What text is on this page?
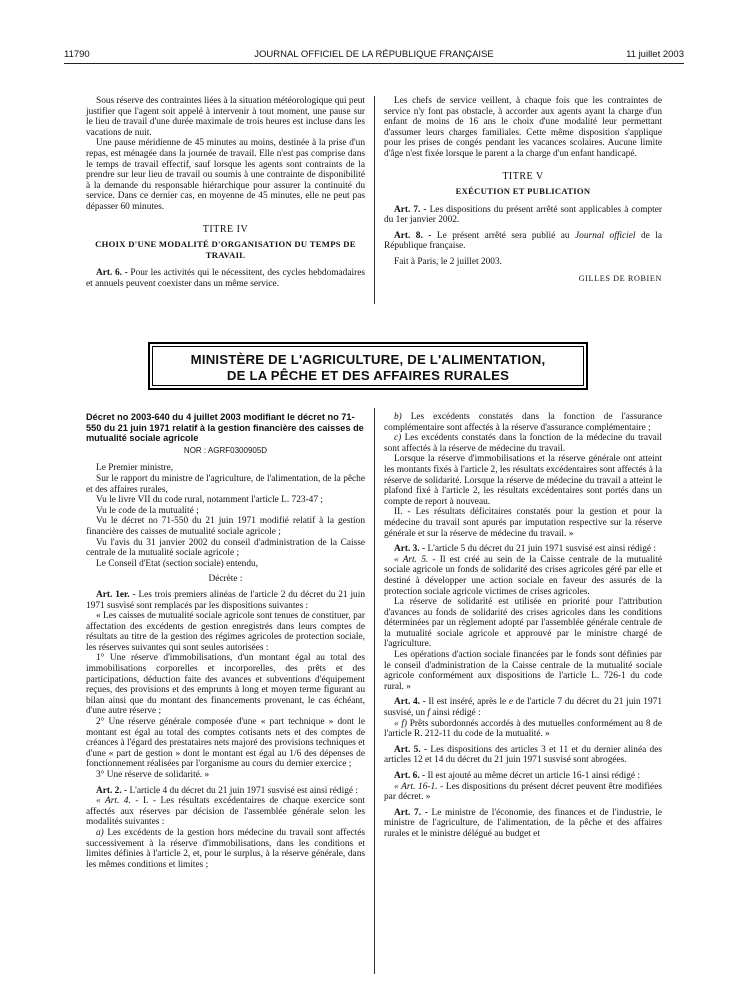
11790	JOURNAL OFFICIEL DE LA RÉPUBLIQUE FRANÇAISE	11 juillet 2003

Sous réserve des contraintes liées à la situation météorologique qui peut justifier que l'agent soit appelé à intervenir à tout moment, une pause sur le lieu de travail d'une durée maximale de trois heures est incluse dans les vacations de nuit.

Une pause méridienne de 45 minutes au moins, destinée à la prise d'un repas, est ménagée dans la journée de travail. Elle n'est pas comprise dans le temps de travail effectif, sauf lorsque les agents sont contraints de la prendre sur leur lieu de travail ou soumis à une contrainte de disponibilité à la demande du responsable hiérarchique pour assurer la continuité du service. Dans ce dernier cas, en moyenne de 45 minutes, elle ne peut pas dépasser 60 minutes.

TITRE IV

CHOIX D'UNE MODALITÉ D'ORGANISATION DU TEMPS DE TRAVAIL

Art. 6. - Pour les activités qui le nécessitent, des cycles hebdomadaires et annuels peuvent coexister dans un même service.

Les chefs de service veillent, à chaque fois que les contraintes de service n'y font pas obstacle, à accorder aux agents ayant la charge d'un enfant de moins de 16 ans le choix d'une modalité leur permettant d'assumer leurs charges familiales. Cette même disposition s'applique pour les prises de congés pendant les vacances scolaires. Aucune limite d'âge n'est fixée lorsque le parent a la charge d'un enfant handicapé.

TITRE V

EXÉCUTION ET PUBLICATION

Art. 7. - Les dispositions du présent arrêté sont applicables à compter du 1er janvier 2002.

Art. 8. - Le présent arrêté sera publié au Journal officiel de la République française.

Fait à Paris, le 2 juillet 2003.

GILLES DE ROBIEN

MINISTÈRE DE L'AGRICULTURE, DE L'ALIMENTATION,
DE LA PÊCHE ET DES AFFAIRES RURALES

Décret no 2003-640 du 4 juillet 2003 modifiant le décret no 71-550 du 21 juin 1971 relatif à la gestion financière des caisses de mutualité sociale agricole

NOR : AGRF0300905D

Le Premier ministre,

Sur le rapport du ministre de l'agriculture, de l'alimentation, de la pêche et des affaires rurales,

Vu le livre VII du code rural, notamment l'article L. 723-47 ;

Vu le code de la mutualité ;

Vu le décret no 71-550 du 21 juin 1971 modifié relatif à la gestion financière des caisses de mutualité sociale agricole ;

Vu l'avis du 31 janvier 2002 du conseil d'administration de la Caisse centrale de la mutualité sociale agricole ;

Le Conseil d'Etat (section sociale) entendu,

Décrète :

Art. 1er. - Les trois premiers alinéas de l'article 2 du décret du 21 juin 1971 susvisé sont remplacés par les dispositions suivantes :

« Les caisses de mutualité sociale agricole sont tenues de constituer, par affectation des excédents de gestion enregistrés dans leurs comptes de résultats au titre de la gestion des régimes agricoles de protection sociale, les réserves suivantes qui sont seules autorisées :

1° Une réserve d'immobilisations, d'un montant égal au total des immobilisations corporelles et incorporelles, des prêts et des participations, déduction faite des avances et subventions d'équipement reçues, des provisions et des emprunts à long et moyen terme figurant au bilan ainsi que du montant des financements provenant, le cas échéant, d'une autre réserve ;

2° Une réserve générale composée d'une « part technique » dont le montant est égal au total des comptes cotisants nets et des comptes de créances à l'égard des prestataires nets majoré des provisions techniques et d'une « part de gestion » dont le montant est égal au 1/6 des dépenses de fonctionnement réalisées par l'organisme au cours du dernier exercice ;

3° Une réserve de solidarité. »

Art. 2. - L'article 4 du décret du 21 juin 1971 susvisé est ainsi rédigé :

« Art. 4. - I. - Les résultats excédentaires de chaque exercice sont affectés aux réserves par décision de l'assemblée générale selon les modalités suivantes :

a) Les excédents de la gestion hors médecine du travail sont affectés successivement à la réserve d'immobilisations, dans les conditions et limites définies à l'article 2, et, pour le surplus, à la réserve générale, dans les mêmes conditions et limites ;

b) Les excédents constatés dans la fonction de l'assurance complémentaire sont affectés à la réserve d'assurance complémentaire ;

c) Les excédents constatés dans la fonction de la médecine du travail sont affectés à la réserve de médecine du travail.

Lorsque la réserve d'immobilisations et la réserve générale ont atteint les montants fixés à l'article 2, les résultats excédentaires sont affectés à la réserve de solidarité. Lorsque la réserve de médecine du travail a atteint le plafond fixé à l'article 2, les résultats excédentaires sont portés dans un compte de report à nouveau.

II. - Les résultats déficitaires constatés pour la gestion et pour la médecine du travail sont apurés par imputation respective sur la réserve générale et sur la réserve de médecine du travail. »

Art. 3. - L'article 5 du décret du 21 juin 1971 susvisé est ainsi rédigé :

« Art. 5. - Il est créé au sein de la Caisse centrale de la mutualité sociale agricole un fonds de solidarité des crises agricoles géré par elle et destiné à développer une action sociale en faveur des assurés de la protection sociale agricole victimes de crises agricoles.

La réserve de solidarité est utilisée en priorité pour l'attribution d'avances au fonds de solidarité des crises agricoles dans les conditions déterminées par un règlement adopté par l'assemblée générale centrale de la mutualité sociale agricole et approuvé par le ministre chargé de l'agriculture.

Les opérations d'action sociale financées par le fonds sont définies par le conseil d'administration de la Caisse centrale de la mutualité sociale agricole conformément aux dispositions de l'article L. 726-1 du code rural. »

Art. 4. - Il est inséré, après le e de l'article 7 du décret du 21 juin 1971 susvisé, un f ainsi rédigé :

« f) Prêts subordonnés accordés à des mutuelles conformément au 8 de l'article R. 212-11 du code de la mutualité. »

Art. 5. - Les dispositions des articles 3 et 11 et du dernier alinéa des articles 12 et 14 du décret du 21 juin 1971 susvisé sont abrogées.

Art. 6. - Il est ajouté au même décret un article 16-1 ainsi rédigé :

« Art. 16-1. - Les dispositions du présent décret peuvent être modifiées par décret. »

Art. 7. - Le ministre de l'économie, des finances et de l'industrie, le ministre de l'agriculture, de l'alimentation, de la pêche et des affaires rurales et le ministre délégué au budget et
